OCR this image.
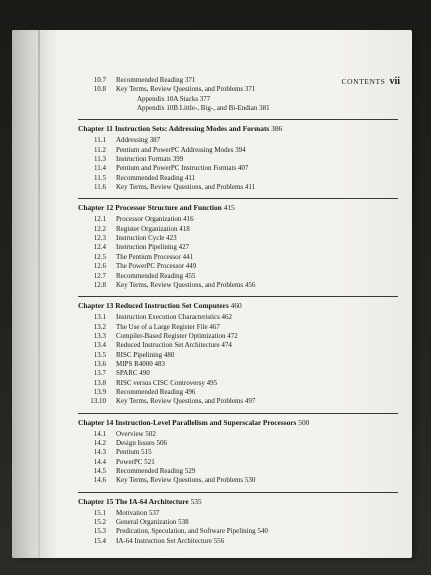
CONTENTS vii
10.7	Recommended Reading 371
10.8	Key Terms, Review Questions, and Problems 371
Appendix 10A Stacks 377
Appendix 10B Little-, Big-, and Bi-Endian 381
Chapter 11 Instruction Sets: Addressing Modes and Formats 386
11.1	Addressing 387
11.2	Pentium and PowerPC Addressing Modes 394
11.3	Instruction Formats 399
11.4	Pentium and PowerPC Instruction Formats 407
11.5	Recommended Reading 411
11.6	Key Terms, Review Questions, and Problems 411
Chapter 12 Processor Structure and Function 415
12.1	Processor Organization 416
12.2	Register Organization 418
12.3	Instruction Cycle 423
12.4	Instruction Pipelining 427
12.5	The Pentium Processor 441
12.6	The PowerPC Processor 449
12.7	Recommended Reading 455
12.8	Key Terms, Review Questions, and Problems 456
Chapter 13 Reduced Instruction Set Computers 460
13.1	Instruction Execution Characteristics 462
13.2	The Use of a Large Register File 467
13.3	Compiler-Based Register Optimization 472
13.4	Reduced Instruction Set Architecture 474
13.5	RISC Pipelining 480
13.6	MIPS R4000 483
13.7	SPARC 490
13.8	RISC versus CISC Controversy 495
13.9	Recommended Reading 496
13.10	Key Terms, Review Questions, and Problems 497
Chapter 14 Instruction-Level Parallelism and Superscalar Processors 500
14.1	Overview 502
14.2	Design Issues 506
14.3	Pentium 515
14.4	PowerPC 521
14.5	Recommended Reading 529
14.6	Key Terms, Review Questions, and Problems 530
Chapter 15 The IA-64 Architecture 535
15.1	Motivation 537
15.2	General Organization 538
15.3	Predication, Speculation, and Software Pipelining 540
15.4	IA-64 Instruction Set Architecture 556
